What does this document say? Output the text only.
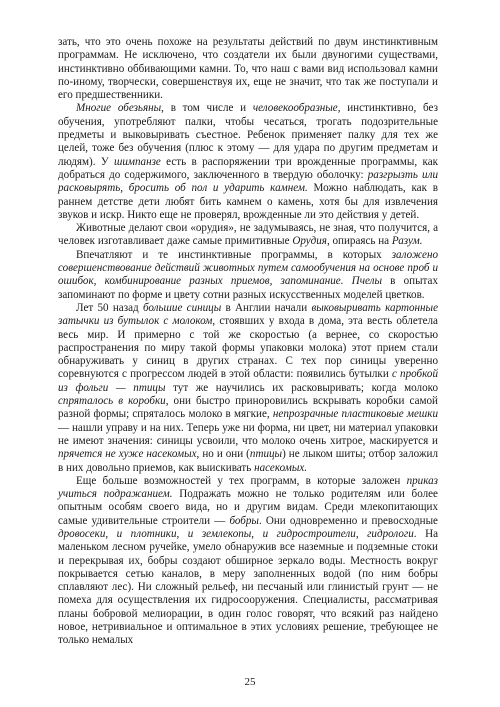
зать, что это очень похоже на результаты действий по двум инстинктивным программам. Не исключено, что создатели их были двуногими существами, инстинктивно оббивающими камни. То, что наш с вами вид использовал камни по-иному, творчески, совершенствуя их, еще не значит, что так же поступали и его предшественники.

Многие обезьяны, в том числе и человекообразные, инстинктивно, без обучения, употребляют палки, чтобы чесаться, трогать подозрительные предметы и выковыривать съестное. Ребенок применяет палку для тех же целей, тоже без обучения (плюс к этому — для удара по другим предметам и людям). У шимпанзе есть в распоряжении три врожденные программы, как добраться до содержимого, заключенного в твердую оболочку: разгрызть или расковырять, бросить об пол и ударить камнем. Можно наблюдать, как в раннем детстве дети любят бить камнем о камень, хотя бы для извлечения звуков и искр. Никто еще не проверял, врожденные ли это действия у детей.

Животные делают свои «орудия», не задумываясь, не зная, что получится, а человек изготавливает даже самые примитивные Орудия, опираясь на Разум.

Впечатляют и те инстинктивные программы, в которых заложено совершенствование действий животных путем самообучения на основе проб и ошибок, комбинирование разных приемов, запоминание. Пчелы в опытах запоминают по форме и цвету сотни разных искусственных моделей цветков.

Лет 50 назад большие синицы в Англии начали выковыривать картонные затычки из бутылок с молоком, стоявших у входа в дома, эта весть облетела весь мир. И примерно с той же скоростью (а вернее, со скоростью распространения по миру такой формы упаковки молока) этот прием стали обнаруживать у синиц в других странах. С тех пор синицы уверенно соревнуются с прогрессом людей в этой области: появились бутылки с пробкой из фольги — птицы тут же научились их расковыривать; когда молоко спряталось в коробки, они быстро приноровились вскрывать коробки самой разной формы; спряталось молоко в мягкие, непрозрачные пластиковые мешки — нашли управу и на них. Теперь уже ни форма, ни цвет, ни материал упаковки не имеют значения: синицы усвоили, что молоко очень хитрое, маскируется и прячется не хуже насекомых, но и они (птицы) не лыком шиты; отбор заложил в них довольно приемов, как выискивать насекомых.

Еще больше возможностей у тех программ, в которые заложен приказ учиться подражанием. Подражать можно не только родителям или более опытным особям своего вида, но и другим видам. Среди млекопитающих самые удивительные строители — бобры. Они одновременно и превосходные дровосеки, и плотники, и землекопы, и гидростроители, гидрологи. На маленьком лесном ручейке, умело обнаружив все наземные и подземные стоки и перекрывая их, бобры создают обширное зеркало воды. Местность вокруг покрывается сетью каналов, в меру заполненных водой (по ним бобры сплавляют лес). Ни сложный рельеф, ни песчаный или глинистый грунт — не помеха для осуществления их гидросооружения. Специалисты, рассматривая планы бобровой мелиорации, в один голос говорят, что всякий раз найдено новое, нетривиальное и оптимальное в этих условиях решение, требующее не только немалых

25
